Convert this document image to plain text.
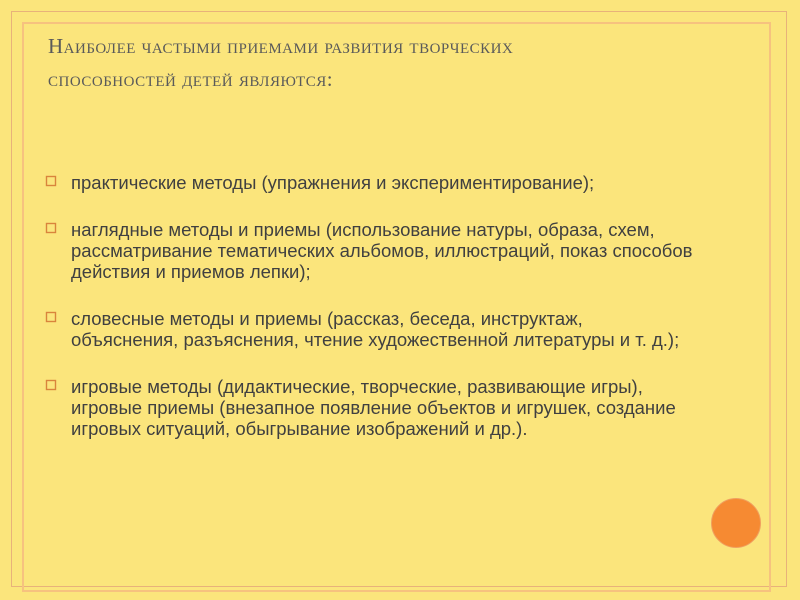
Наиболее частыми приемами развития творческих
способностей детей являются:
практические методы (упражнения и экспериментирование);
наглядные методы и приемы (использование натуры, образа, схем, рассматривание тематических альбомов, иллюстраций, показ способов действия и приемов лепки);
словесные методы и приемы (рассказ, беседа, инструктаж, объяснения, разъяснения, чтение художественной литературы и т. д.);
игровые методы (дидактические, творческие, развивающие игры), игровые приемы (внезапное появление объектов и игрушек, создание игровых ситуаций, обыгрывание изображений и др.).
